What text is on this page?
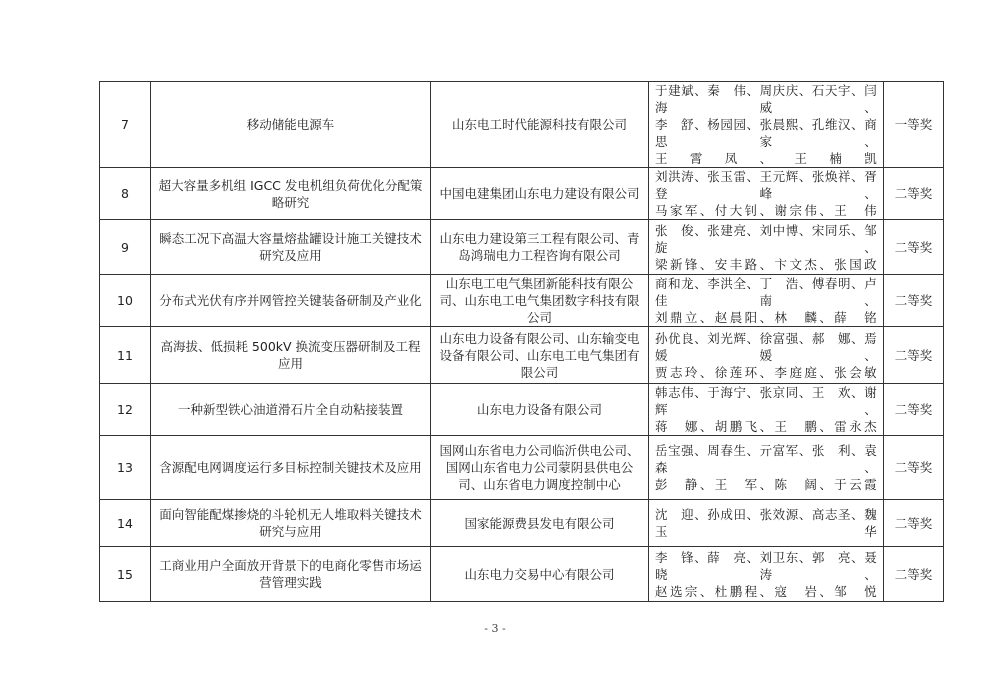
7	移动储能电源车	山东电工时代能源科技有限公司	于建斌、秦　伟、周庆庆、石天宇、闫海威、
李　舒、杨园园、张晨熙、孔维汉、商思家、
王霄凤、王楠凯	一等奖
8	超大容量多机组 IGCC 发电机组负荷优化分配策略研究	中国电建集团山东电力建设有限公司	刘洪涛、张玉雷、王元辉、张焕祥、胥登峰、
马家军、付大钊、谢宗伟、王　伟	二等奖
9	瞬态工况下高温大容量熔盐罐设计施工关键技术研究及应用	山东电力建设第三工程有限公司、青岛鸿瑞电力工程咨询有限公司	张　俊、张建亮、刘中博、宋同乐、邹　旋、
梁新锋、安丰路、卞文杰、张国政	二等奖
10	分布式光伏有序并网管控关键装备研制及产业化	山东电工电气集团新能科技有限公司、山东电工电气集团数字科技有限公司	商和龙、李洪全、丁　浩、傅春明、卢佳南、
刘鼎立、赵晨阳、林　麟、薛　铭	二等奖
11	高海拔、低损耗 500kV 换流变压器研制及工程应用	山东电力设备有限公司、山东输变电设备有限公司、山东电工电气集团有限公司	孙优良、刘光辉、徐富强、郝　娜、焉媛媛、
贾志玲、徐莲环、李庭庭、张会敏	二等奖
12	一种新型铁心油道滑石片全自动粘接装置	山东电力设备有限公司	韩志伟、于海宁、张京同、王　欢、谢　辉、
蒋　娜、胡鹏飞、王　鹏、雷永杰	二等奖
13	含源配电网调度运行多目标控制关键技术及应用	国网山东省电力公司临沂供电公司、国网山东省电力公司蒙阴县供电公司、山东省电力调度控制中心	岳宝强、周春生、亓富军、张　利、袁　森、
彭　静、王　军、陈　阔、于云霞	二等奖
14	面向智能配煤掺烧的斗轮机无人堆取料关键技术研究与应用	国家能源费县发电有限公司	沈　迎、孙成田、张效源、高志圣、魏玉华	二等奖
15	工商业用户全面放开背景下的电商化零售市场运营管理实践	山东电力交易中心有限公司	李　锋、薛　亮、刘卫东、郭　亮、聂晓涛、
赵选宗、杜鹏程、寇　岩、邹　悦	二等奖
- 3 -
